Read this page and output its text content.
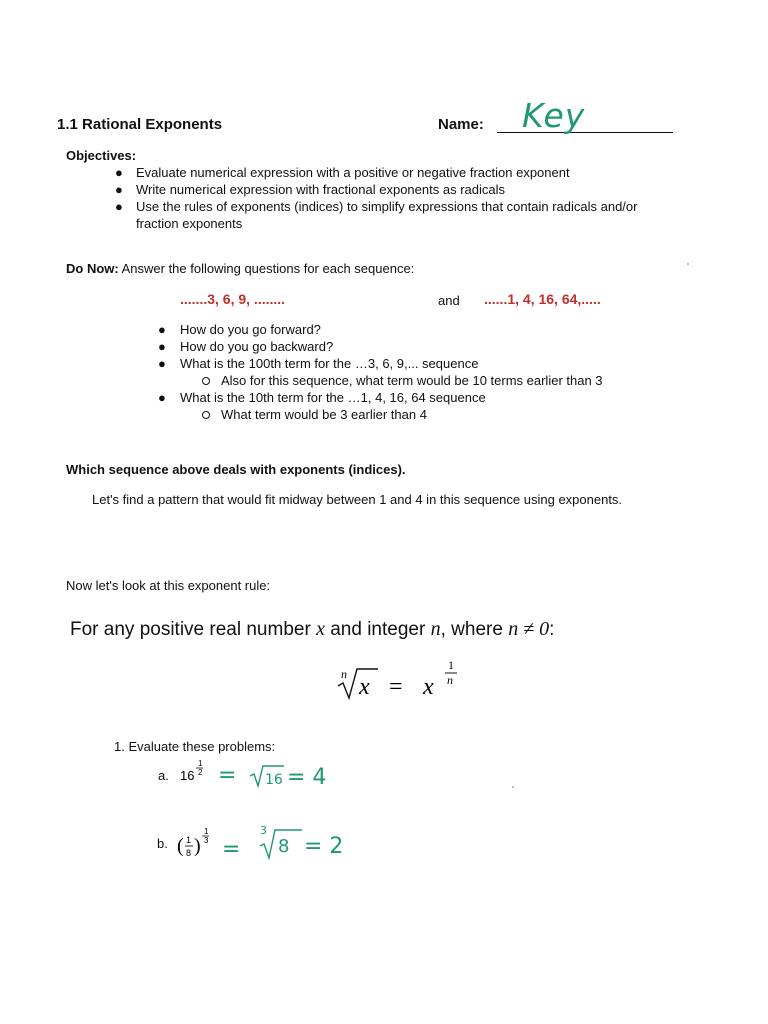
1.1 Rational Exponents	Name: Key
Objectives:
● Evaluate numerical expression with a positive or negative fraction exponent
● Write numerical expression with fractional exponents as radicals
● Use the rules of exponents (indices) to simplify expressions that contain radicals and/or
fraction exponents
Do Now: Answer the following questions for each sequence:
.......3, 6, 9, ........	and ......1, 4, 16, 64,.....
● How do you go forward?
● How do you go backward?
● What is the 100th term for the …3, 6, 9,... sequence
Also for this sequence, what term would be 10 terms earlier than 3
● What is the 10th term for the …1, 4, 16, 64 sequence
What term would be 3 earlier than 4
Which sequence above deals with exponents (indices).
Let's find a pattern that would fit midway between 1 and 4 in this sequence using exponents.
Now let's look at this exponent rule:
For any positive real number x and integer n, where n ≠ 0:
n x = x
1
n
1. Evaluate these problems:
a. 16
1
2 = 16 = 4
b. ( 1
8 )
1
3 =
3
8 = 2
